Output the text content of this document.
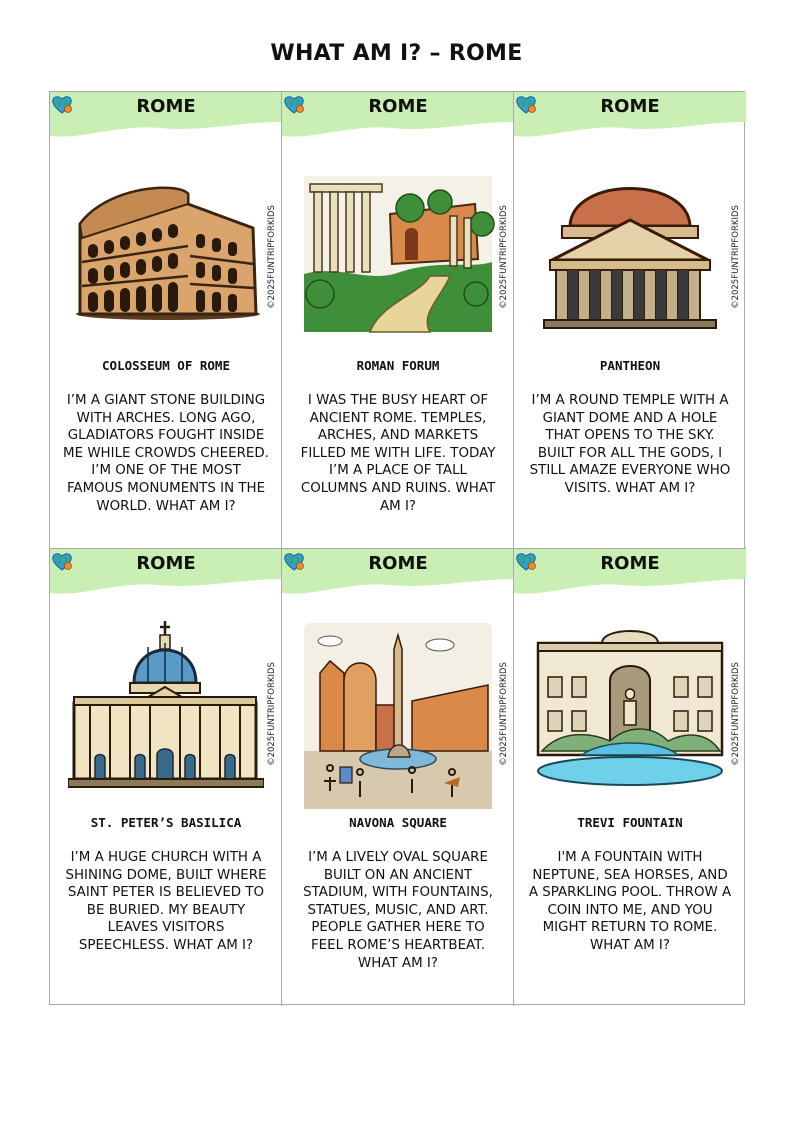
WHAT AM I? – ROME
ROME
©2025FUNTRIPFORKIDS
COLOSSEUM OF ROME
I’M A GIANT STONE BUILDING WITH ARCHES. LONG AGO, GLADIATORS FOUGHT INSIDE ME WHILE CROWDS CHEERED. I’M ONE OF THE MOST FAMOUS MONUMENTS IN THE WORLD. WHAT AM I?
ROME
©2025FUNTRIPFORKIDS
ROMAN FORUM
I WAS THE BUSY HEART OF ANCIENT ROME. TEMPLES, ARCHES, AND MARKETS FILLED ME WITH LIFE. TODAY I’M A PLACE OF TALL COLUMNS AND RUINS. WHAT AM I?
ROME
©2025FUNTRIPFORKIDS
PANTHEON
I’M A ROUND TEMPLE WITH A GIANT DOME AND A HOLE THAT OPENS TO THE SKY. BUILT FOR ALL THE GODS, I STILL AMAZE EVERYONE WHO VISITS. WHAT AM I?
ROME
©2025FUNTRIPFORKIDS
ST. PETER’S BASILICA
I’M A HUGE CHURCH WITH A SHINING DOME, BUILT WHERE SAINT PETER IS BELIEVED TO BE BURIED. MY BEAUTY LEAVES VISITORS SPEECHLESS. WHAT AM I?
ROME
©2025FUNTRIPFORKIDS
NAVONA SQUARE
I’M A LIVELY OVAL SQUARE BUILT ON AN ANCIENT STADIUM, WITH FOUNTAINS, STATUES, MUSIC, AND ART. PEOPLE GATHER HERE TO FEEL ROME’S HEARTBEAT. WHAT AM I?
ROME
©2025FUNTRIPFORKIDS
TREVI FOUNTAIN
I'M A FOUNTAIN WITH NEPTUNE, SEA HORSES, AND A SPARKLING POOL. THROW A COIN INTO ME, AND YOU MIGHT RETURN TO ROME. WHAT AM I?
